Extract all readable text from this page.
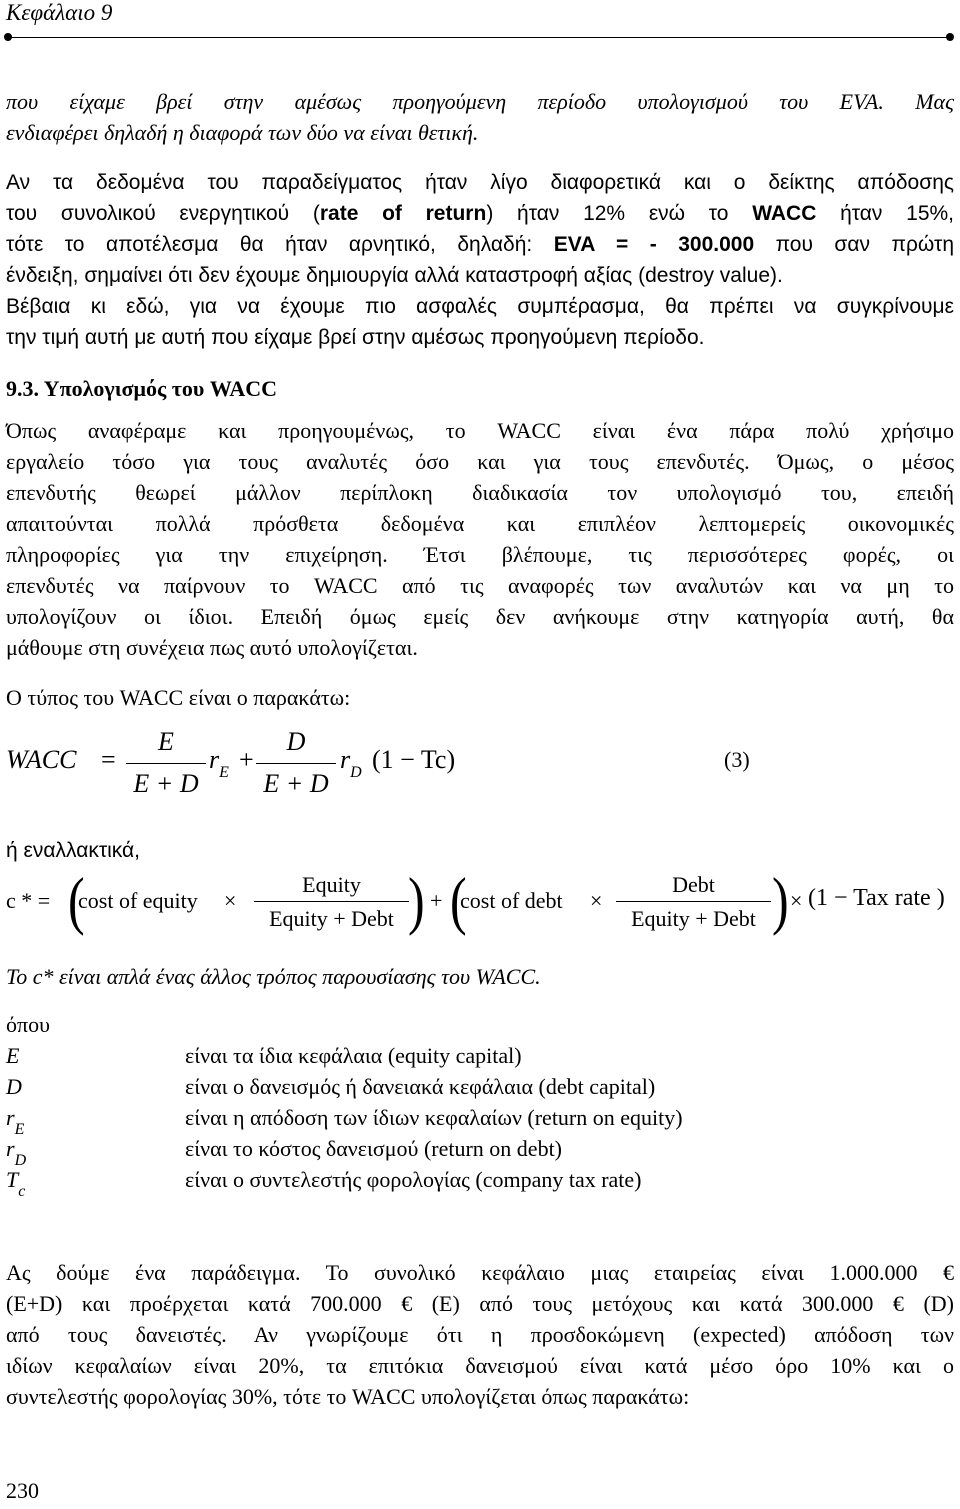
Κεφάλαιο 9
που είχαμε βρεί στην αμέσως προηγούμενη περίοδο υπολογισμού του EVA. Μας
ενδιαφέρει δηλαδή η διαφορά των δύο να είναι θετική.
Αν τα δεδομένα του παραδείγματος ήταν λίγο διαφορετικά και ο δείκτης απόδοσης
του συνολικού ενεργητικού (rate of return) ήταν 12% ενώ το WACC ήταν 15%,
τότε το αποτέλεσμα θα ήταν αρνητικό, δηλαδή: EVA = - 300.000 που σαν πρώτη
ένδειξη, σημαίνει ότι δεν έχουμε δημιουργία αλλά καταστροφή αξίας (destroy value).
Βέβαια κι εδώ, για να έχουμε πιο ασφαλές συμπέρασμα, θα πρέπει να συγκρίνουμε
την τιμή αυτή με αυτή που είχαμε βρεί στην αμέσως προηγούμενη περίοδο.
9.3. Υπολογισμός του WACC
Όπως αναφέραμε και προηγουμένως, το WACC είναι ένα πάρα πολύ χρήσιμο
εργαλείο τόσο για τους αναλυτές όσο και για τους επενδυτές. Όμως, ο μέσος
επενδυτής θεωρεί μάλλον περίπλοκη διαδικασία τον υπολογισμό του, επειδή
απαιτούνται πολλά πρόσθετα δεδομένα και επιπλέον λεπτομερείς οικονομικές
πληροφορίες για την επιχείρηση. Έτσι βλέπουμε, τις περισσότερες φορές, οι
επενδυτές να παίρνουν το WACC από τις αναφορές των αναλυτών και να μη το
υπολογίζουν οι ίδιοι. Επειδή όμως εμείς δεν ανήκουμε στην κατηγορία αυτή, θα
μάθουμε στη συνέχεια πως αυτό υπολογίζεται.
Ο τύπος του WACC είναι ο παρακάτω:
WACC =
E
E + D
$r_E$ +
D
E + D
$r_D$ (1 − Tc)	(3)
ή εναλλακτικά,
c * = (
cost of equity ×
Equity
Equity + Debt ) + (
cost of debt ×
Debt
Equity + Debt ) × (1 − Tax rate )
Το c* είναι απλά ένας άλλος τρόπος παρουσίασης του WACC.
όπου
E	είναι τα ίδια κεφάλαια (equity capital)
D	είναι ο δανεισμός ή δανειακά κεφάλαια (debt capital)
$r_E$	είναι η απόδοση των ίδιων κεφαλαίων (return on equity)
$r_D$	είναι το κόστος δανεισμού (return on debt)
$T_c$	είναι ο συντελεστής φορολογίας (company tax rate)
Ας δούμε ένα παράδειγμα. Το συνολικό κεφάλαιο μιας εταιρείας είναι 1.000.000 €
(Ε+D) και προέρχεται κατά 700.000 € (Ε) από τους μετόχους και κατά 300.000 € (D)
από τους δανειστές. Αν γνωρίζουμε ότι η προσδοκώμενη (expected) απόδοση των
ιδίων κεφαλαίων είναι 20%, τα επιτόκια δανεισμού είναι κατά μέσο όρο 10% και ο
συντελεστής φορολογίας 30%, τότε το WACC υπολογίζεται όπως παρακάτω:
230
